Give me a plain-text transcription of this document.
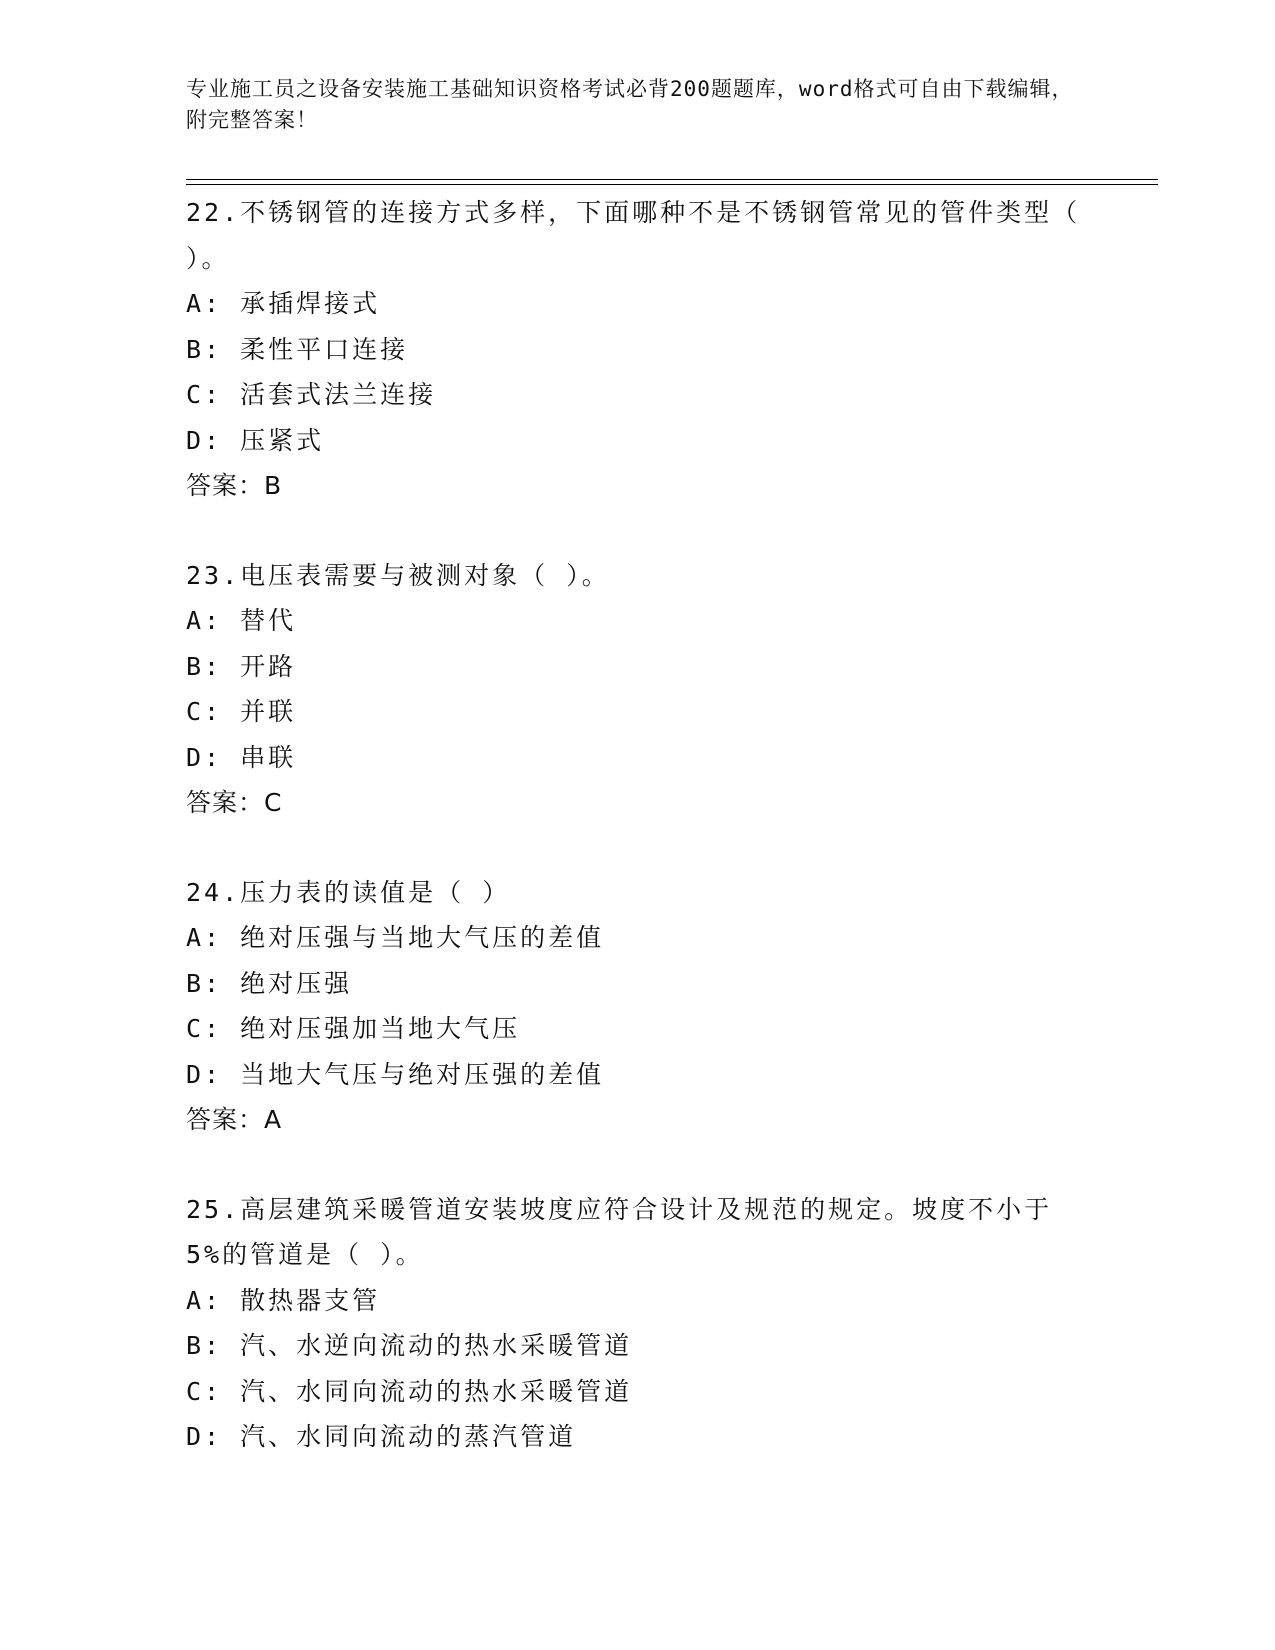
专业施工员之设备安装施工基础知识资格考试必背200题题库，word格式可自由下载编辑，附完整答案！
22.不锈钢管的连接方式多样，下面哪种不是不锈钢管常见的管件类型（ ）。
A: 承插焊接式
B: 柔性平口连接
C: 活套式法兰连接
D: 压紧式
答案：B
23.电压表需要与被测对象（ ）。
A: 替代
B: 开路
C: 并联
D: 串联
答案：C
24.压力表的读值是（ ）
A: 绝对压强与当地大气压的差值
B: 绝对压强
C: 绝对压强加当地大气压
D: 当地大气压与绝对压强的差值
答案：A
25.高层建筑采暖管道安装坡度应符合设计及规范的规定。坡度不小于5%的管道是（ ）。
A: 散热器支管
B: 汽、水逆向流动的热水采暖管道
C: 汽、水同向流动的热水采暖管道
D: 汽、水同向流动的蒸汽管道
